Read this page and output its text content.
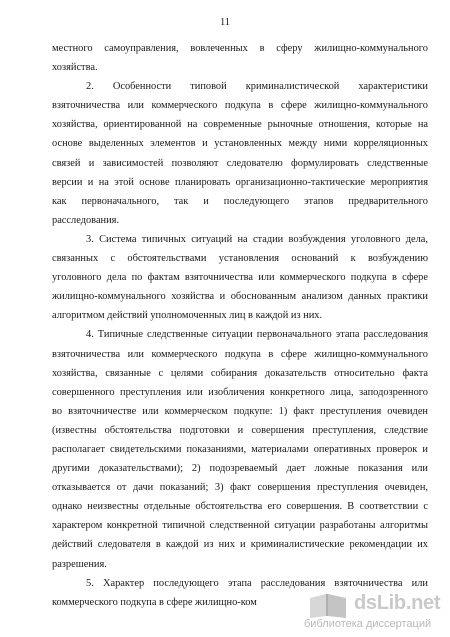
11
местного самоуправления, вовлеченных в сферу жилищно-коммунального
хозяйства.
2. Особенности типовой криминалистической характеристики
взяточничества или коммерческого подкупа в сфере жилищно-коммунального
хозяйства, ориентированной на современные рыночные отношения, которые на
основе выделенных элементов и установленных между ними корреляционных
связей и зависимостей позволяют следователю формулировать следственные
версии и на этой основе планировать организационно-тактические мероприятия
как первоначального, так и последующего этапов предварительного
расследования.
3. Система типичных ситуаций на стадии возбуждения уголовного дела,
связанных с обстоятельствами установления оснований к возбуждению
уголовного дела по фактам взяточничества или коммерческого подкупа в сфере
жилищно-коммунального хозяйства и обоснованным анализом данных практики
алгоритмом действий уполномоченных лиц в каждой из них.
4. Типичные следственные ситуации первоначального этапа расследования
взяточничества или коммерческого подкупа в сфере жилищно-коммунального
хозяйства, связанные с целями собирания доказательств относительно факта
совершенного преступления или изобличения конкретного лица, заподозренного
во взяточничестве или коммерческом подкупе: 1) факт преступления очевиден
(известны обстоятельства подготовки и совершения преступления, следствие
располагает свидетельскими показаниями, материалами оперативных проверок и
другими доказательствами); 2) подозреваемый дает ложные показания или
отказывается от дачи показаний; 3) факт совершения преступления очевиден,
однако неизвестны отдельные обстоятельства его совершения. В соответствии с
характером конкретной типичной следственной ситуации разработаны алгоритмы
действий следователя в каждой из них и криминалистические рекомендации их
разрешения.
5. Характер последующего этапа расследования взяточничества или
коммерческого подкупа в сфере жилищно-ком	dsLib.net
библиотека диссертаций
